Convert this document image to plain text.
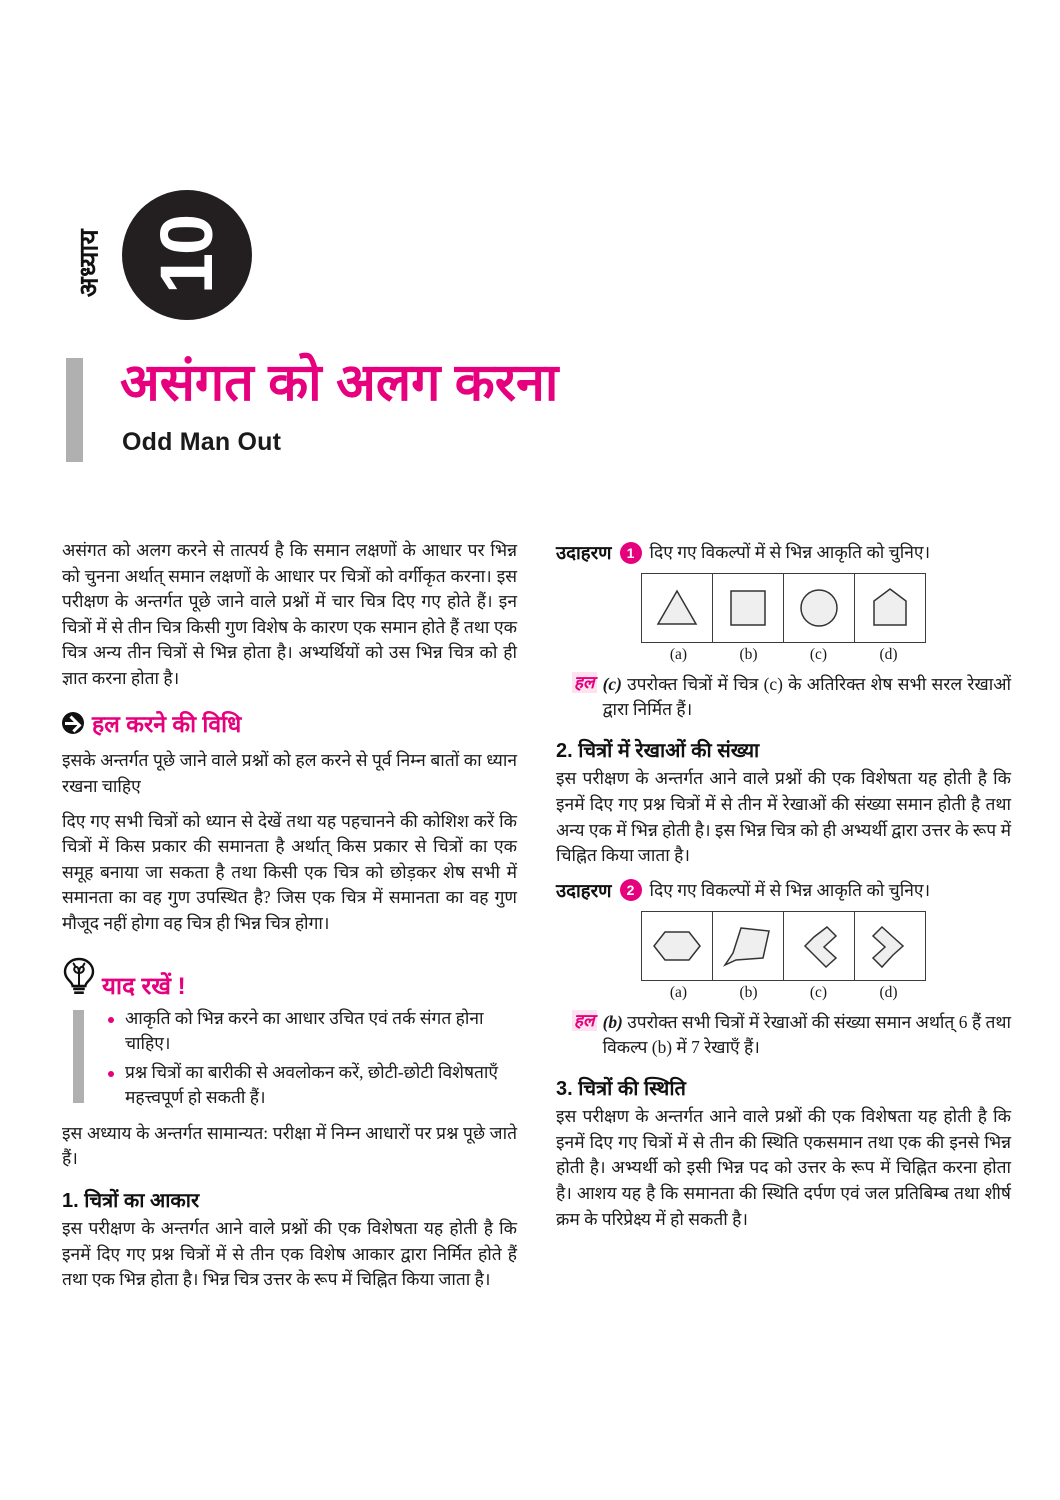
अध्याय 10
असंगत को अलग करना
Odd Man Out

असंगत को अलग करने से तात्पर्य है कि समान लक्षणों के आधार पर भिन्न को चुनना अर्थात् समान लक्षणों के आधार पर चित्रों को वर्गीकृत करना। इस परीक्षण के अन्तर्गत पूछे जाने वाले प्रश्नों में चार चित्र दिए गए होते हैं। इन चित्रों में से तीन चित्र किसी गुण विशेष के कारण एक समान होते हैं तथा एक चित्र अन्य तीन चित्रों से भिन्न होता है। अभ्यर्थियों को उस भिन्न चित्र को ही ज्ञात करना होता है।

हल करने की विधि

इसके अन्तर्गत पूछे जाने वाले प्रश्नों को हल करने से पूर्व निम्न बातों का ध्यान रखना चाहिए

दिए गए सभी चित्रों को ध्यान से देखें तथा यह पहचानने की कोशिश करें कि चित्रों में किस प्रकार की समानता है अर्थात् किस प्रकार से चित्रों का एक समूह बनाया जा सकता है तथा किसी एक चित्र को छोड़कर शेष सभी में समानता का वह गुण उपस्थित है? जिस एक चित्र में समानता का वह गुण मौजूद नहीं होगा वह चित्र ही भिन्न चित्र होगा।

याद रखें !
आकृति को भिन्न करने का आधार उचित एवं तर्क संगत होना चाहिए।
प्रश्न चित्रों का बारीकी से अवलोकन करें, छोटी-छोटी विशेषताएँ महत्त्वपूर्ण हो सकती हैं।

इस अध्याय के अन्तर्गत सामान्यत: परीक्षा में निम्न आधारों पर प्रश्न पूछे जाते हैं।

1. चित्रों का आकार

इस परीक्षण के अन्तर्गत आने वाले प्रश्नों की एक विशेषता यह होती है कि इनमें दिए गए प्रश्न चित्रों में से तीन एक विशेष आकार द्वारा निर्मित होते हैं तथा एक भिन्न होता है। भिन्न चित्र उत्तर के रूप में चिह्नित किया जाता है।

उदाहरण	1 दिए गए विकल्पों में से भिन्न आकृति को चुनिए।
(a)	(b)	(c)	(d)
हल (c) उपरोक्त चित्रों में चित्र (c) के अतिरिक्त शेष सभी सरल रेखाओं द्वारा निर्मित हैं।
2. चित्रों में रेखाओं की संख्या

इस परीक्षण के अन्तर्गत आने वाले प्रश्नों की एक विशेषता यह होती है कि इनमें दिए गए प्रश्न चित्रों में से तीन में रेखाओं की संख्या समान होती है तथा अन्य एक में भिन्न होती है। इस भिन्न चित्र को ही अभ्यर्थी द्वारा उत्तर के रूप में चिह्नित किया जाता है।

उदाहरण	2 दिए गए विकल्पों में से भिन्न आकृति को चुनिए।
(a)	(b)	(c)	(d)
हल (b) उपरोक्त सभी चित्रों में रेखाओं की संख्या समान अर्थात् 6 हैं तथा विकल्प (b) में 7 रेखाएँ हैं।
3. चित्रों की स्थिति

इस परीक्षण के अन्तर्गत आने वाले प्रश्नों की एक विशेषता यह होती है कि इनमें दिए गए चित्रों में से तीन की स्थिति एकसमान तथा एक की इनसे भिन्न होती है। अभ्यर्थी को इसी भिन्न पद को उत्तर के रूप में चिह्नित करना होता है। आशय यह है कि समानता की स्थिति दर्पण एवं जल प्रतिबिम्ब तथा शीर्ष क्रम के परिप्रेक्ष्य में हो सकती है।
